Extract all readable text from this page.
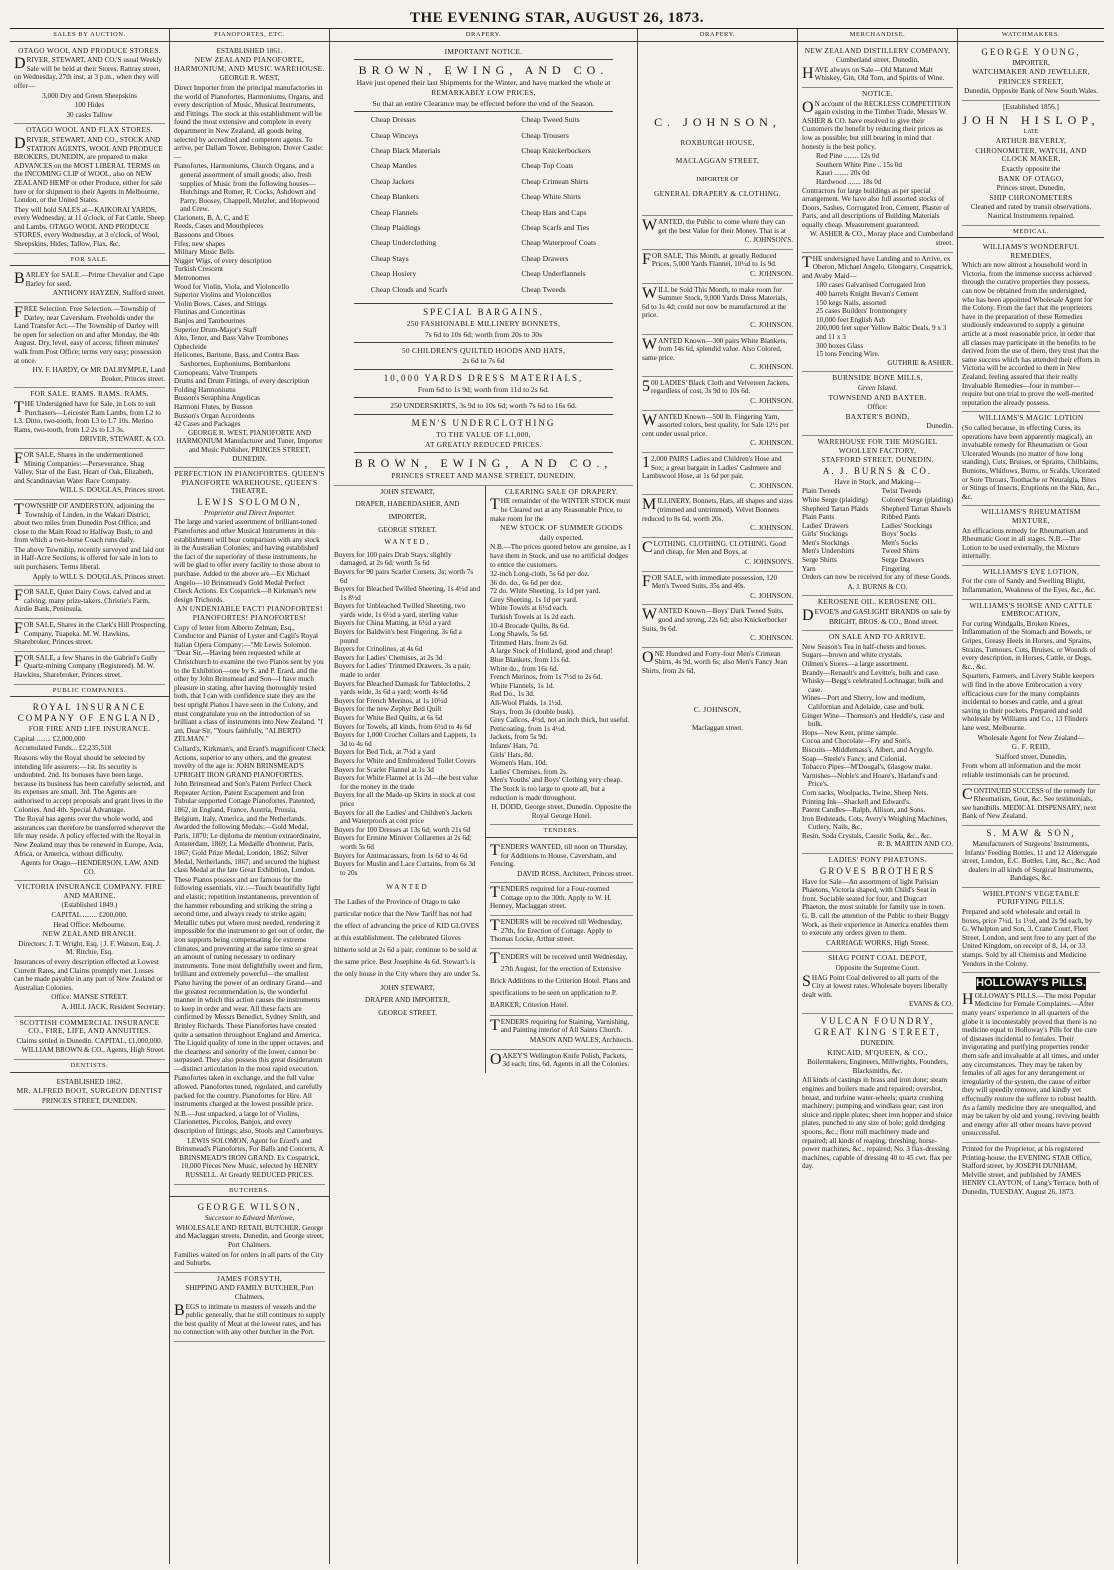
THE EVENING STAR, AUGUST 26, 1873.
SALES BY AUCTION.

OTAGO WOOL AND PRODUCE STORES.

DRIVER, STEWART, AND CO.'S usual Weekly Sale will be held at their Stores, Rattray street, on Wednesday, 27th inst, at 3 p.m., when they will offer—

3,000 Dry and Green Sheepskins

100 Hides

30 casks Tallow

OTAGO WOOL AND FLAX STORES.

DRIVER, STEWART, AND CO., STOCK AND STATION AGENTS, WOOL AND PRODUCE BROKERS, DUNEDIN, are prepared to make ADVANCES on the MOST LIBERAL TERMS on the INCOMING CLIP of WOOL, also on NEW ZEALAND HEMP or other Produce, either for sale here or for shipment to their Agents in Melbourne, London, or the United States.

They will hold SALES at—KAIKORAI YARDS, every Wednesday, at 11 o'clock, of Fat Cattle, Sheep and Lambs. OTAGO WOOL AND PRODUCE STORES, every Wednesday, at 3 o'clock, of Wool, Sheepskins, Hides, Tallow, Flax, &c.

FOR SALE.

BARLEY for SALE.—Prime Chevalier and Cape Barley for seed.

ANTHONY HAYZEN, Stafford street.

FREE Selection. Free Selection.—Township of Darley, near Caversham. Freeholds under the Land Transfer Act.—The Township of Darley will be open for selection on and after Monday, the 4th August. Dry, level, easy of access; fifteen minutes' walk from Post Office; terms very easy; possession at once.

HY. F. HARDY, Or MR DALRYMPLE, Land Broker, Princes street.

FOR SALE. RAMS. RAMS. RAMS.

THE Undersigned have for Sale, in Lots to suit Purchasers—Leicester Ram Lambs, from L2 to L3. Ditto, two-tooth, from L3 to L7 10s. Merino Rams, two-tooth, from L2 2s to L3 3s.

DRIVER, STEWART, & CO.

FOR SALE, Shares in the undermentioned Mining Companies:—Perseverance, Shag Valley, Star of the East, Heart of Oak, Elizabeth, and Scandinavian Water Race Company.

WILL S. DOUGLAS, Princes street.

TOWNSHIP OF ANDERSTON, adjoining the Township of Linden, in the Wakari District, about two miles from Dunedin Post Office, and close to the Main Road to Halfway Bush, to and from which a two-horse Coach runs daily.

The above Township, recently surveyed and laid out in Half-Acre Sections, is offered for sale in lots to suit purchasers. Terms liberal.

Apply to WILL S. DOUGLAS, Princes street.

FOR SALE, Quiet Dairy Cows, calved and at calving; many prize-takers. Christie's Farm, Airdie Bank, Peninsula.

FOR SALE, Shares in the Clark's Hill Prospecting Company, Tuapeka. M. W. Hawkins, Sharebroker, Princes street.

FOR SALE, a few Shares in the Gabriel's Gully Quartz-mining Company (Registered). M. W. Hawkins, Sharebroker, Princes street.

PUBLIC COMPANIES.

ROYAL INSURANCE COMPANY OF ENGLAND,

FOR FIRE AND LIFE INSURANCE.

Capital ........ £2,000,000

Accumulated Funds... £2,235,518

Reasons why the Royal should be selected by intending life assurers:—1st. Its security is undoubted. 2nd. Its bonuses have been large, because its business has been carefully selected, and its expenses are small. 3rd. The Agents are authorised to accept proposals and grant lives in the Colonies. And 4th. Special Advantage.

The Royal has agents over the whole world, and assurances can therefore be transferred wherever the life may reside. A policy effected with the Royal in New Zealand may thus be renewed in Europe, Asia, Africa, or America, without difficulty.

Agents for Otago—HENDERSON, LAW, AND CO.

VICTORIA INSURANCE COMPANY. FIRE AND MARINE.

(Established 1849.)

CAPITAL ........ £200,000.

Head Office: Melbourne.

NEW ZEALAND BRANCH.

Directors: J. T. Wright, Esq. | J. F. Watson, Esq. J. M. Ritchie, Esq.

Insurances of every description effected at Lowest Current Rates, and Claims promptly met. Losses can be made payable in any part of New Zealand or Australian Colonies.

Office: MANSE STREET.

A. HILL JACK, Resident Secretary.

SCOTTISH COMMERCIAL INSURANCE CO., FIRE, LIFE, AND ANNUITIES.

Claims settled in Dunedin. CAPITAL, £1,000,000.

WILLIAM BROWN & CO., Agents, High Street.

DENTISTS.

ESTABLISHED 1862.

MR. ALFRED BOOT, SURGEON DENTIST

PRINCES STREET, DUNEDIN.

PIANOFORTES, ETC.

ESTABLISHED 1861.

NEW ZEALAND PIANOFORTE, HARMONIUM, AND MUSIC WAREHOUSE.

GEORGE R. WEST,

Direct Importer from the principal manufactories in the world of Pianofortes, Harmoniums, Organs, and every description of Music, Musical Instruments, and Fittings. The stock at this establishment will be found the most extensive and complete in every department in New Zealand, all goods being selected by accredited and competent agents. To arrive, per Dallam Tower, Bebington, Dover Castle:—

Pianofortes, Harmoniums, Church Organs, and a general assortment of small goods; also, fresh supplies of Music from the following houses—Hutchings and Romer, R. Cocks, Ashdown and Parry, Boosey, Chappell, Metzler, and Hopwood and Crew.

Clarionets, B, A, C, and E

Reeds, Cases and Mouthpieces

Bassoons and Oboes

Fifes, new shapes

Military Music Bells

Nigger Wigs, of every description

Turkish Crescent

Metronomes

Wood for Violin, Viola, and Violoncello

Superior Violins and Violoncellos

Violin Bows, Cases, and Strings

Flutinas and Concertinas

Banjos and Tambourines

Superior Drum-Major's Staff

Alto, Tenor, and Bass Valve Trombones

Ophecleide

Helicones, Baritone, Bass, and Contra Bass Saxhornes, Euphoniums, Bombardons

Cornopeans, Valve Trumpets

Drums and Drum Fittings, of every description

Folding Harmoniums

Busson's Seraphina Angelicas

Harmoni Flutes, by Busson

Busson's Organ Accordeons

42 Cases and Packages

GEORGE R. WEST, PIANOFORTE AND HARMONIUM Manufacturer and Tuner, Importer and Music Publisher, PRINCES STREET, DUNEDIN.

PERFECTION IN PIANOFORTES. QUEEN'S PIANOFORTE WAREHOUSE, QUEEN'S THEATRE.

LEWIS SOLOMON,

Proprietor and Direct Importer.

The large and varied assortment of brilliant-toned Pianofortes and other Musical Instruments in this establishment will bear comparison with any stock in the Australian Colonies; and having established the fact of the superiority of these instruments, he will be glad to offer every facility to those about to purchase. Added to the above are—Ex Michael Angelo—10 Brinsmead's Gold Medal Perfect Check Actions. Ex Cospatrick—8 Kirkman's new design Trichords.

AN UNDENIABLE FACT! PIANOFORTES! PIANOFORTES! PIANOFORTES!

Copy of letter from Alberto Zelman, Esq., Conductor and Pianist of Lyster and Cagli's Royal Italian Opera Company:—"Mr Lewis Solomon. "Dear Sir,—Having been requested while at Christchurch to examine the two Pianos sent by you to the Exhibition—one by S. and P. Erard, and the other by John Brinsmead and Son—I have much pleasure in stating, after having thoroughly tested both, that I can with confidence state they are the best upright Pianos I have seen in the Colony, and must congratulate you on the introduction of so brilliant a class of instruments into New Zealand. "I am, Dear Sir, "Yours faithfully, "ALBERTO ZELMAN."

Collard's, Kirkman's, and Erard's magnificent Check Actions, superior to any others, and the greatest novelty of the age is: JOHN BRINSMEAD'S UPRIGHT IRON GRAND PIANOFORTES.

John Brinsmead and Son's Patent Perfect Check Repeater Action, Patent Escapement and Iron Tubular supported Cottage Pianofortes. Patented, 1862, in England, France, Austria, Prussia, Belgium, Italy, America, and the Netherlands. Awarded the following Medals:—Gold Medal, Paris, 1870; Le diploma de mention extraordinaire, Amsterdam, 1869; La Medaille d'honneur, Paris, 1867; Gold Prize Medal, London, 1862; Silver Medal, Netherlands, 1867; and secured the highest class Medal at the late Great Exhibition, London.

These Pianos possess and are famous for the following essentials, viz.:—Touch beautifully light and elastic; repetition instantaneous, prevention of the hammer rebounding and striking the string a second time, and always ready to strike again; Metallic tubes put where most needed, rendering it impossible for the instrument to get out of order, the iron supports being compensating for extreme climates, and preventing at the same time so great an amount of tuning necessary to ordinary instruments. Tone most delightfully sweet and firm, brilliant and extremely powerful—the smallest Piano having the power of an ordinary Grand—and the greatest recommendation is, the wonderful manner in which this action causes the instruments to keep in order and wear. All these facts are confirmed by Messrs Benedict, Sydney Smith, and Brinley Richards. These Pianofortes have created quite a sensation throughout England and America. The Liquid quality of tone in the upper octaves, and the clearness and sonority of the lower, cannot be surpassed. They also possess this great desideratum—distinct articulation in the most rapid execution.

Pianofortes taken in exchange, and the full value allowed. Pianofortes tuned, regulated, and carefully packed for the country. Pianofortes for Hire. All instruments charged at the lowest possible price.

N.B.—Just unpacked, a large lot of Violins, Clarionettes, Piccolos, Banjos, and every description of fittings; also, Stools and Canterburys.

LEWIS SOLOMON, Agent for Erard's and Brinsmead's Pianofortes, For Balls and Concerts, A BRINSMEAD'S IRON GRAND. Ex Cospatrick, 10,000 Pieces New Music, selected by HENRY RUSSELL. At Greatly REDUCED PRICES.

BUTCHERS.

GEORGE WILSON,

Successor to Edward Merlowe,

WHOLESALE AND RETAIL BUTCHER, George and Maclaggan streets, Dunedin, and George street, Port Chalmers.

Families waited on for orders in all parts of the City and Suburbs.

JAMES FORSYTH,

SHIPPING AND FAMILY BUTCHER, Port Chalmers,

BEGS to intimate to masters of vessels and the public generally, that he still continues to supply the best quality of Meat at the lowest rates, and has no connection with any other butcher in the Port.

DRAPERY.

IMPORTANT NOTICE.

BROWN, EWING, AND CO.

Have just opened their last Shipments for the Winter, and have marked the whole at

REMARKABLY LOW PRICES,

So that an entire Clearance may be effected before the end of the Season.

Cheap Dresses

Cheap Winceys

Cheap Black Materials

Cheap Mantles

Cheap Jackets

Cheap Blankets

Cheap Flannels

Cheap Plaidings

Cheap Underclothing

Cheap Stays

Cheap Hosiery

Cheap Clouds and Scarfs

Cheap Tweed Suits

Cheap Trousers

Cheap Knickerbockers

Cheap Top Coats

Cheap Crimean Shirts

Cheap White Shirts

Cheap Hats and Caps

Cheap Scarfs and Ties

Cheap Waterproof Coats

Cheap Drawers

Cheap Underflannels

Cheap Tweeds

SPECIAL BARGAINS.

250 FASHIONABLE MILLINERY BONNETS,

7s 6d to 10s 6d; worth from 20s to 30s

50 CHILDREN'S QUILTED HOODS AND HATS,

2s 6d to 7s 6d

10,000 YARDS DRESS MATERIALS,

From 6d to 1s 9d; worth from 11d to 2s 6d.

250 UNDERSKIRTS, 3s 9d to 10s 6d; worth 7s 6d to 16s 6d.

MEN'S UNDERCLOTHING

TO THE VALUE OF L1,000,

AT GREATLY REDUCED PRICES.

BROWN, EWING, AND CO.,

PRINCES STREET AND MANSE STREET, DUNEDIN.

JOHN STEWART,

DRAPER, HABERDASHER, AND

IMPORTER,

GEORGE STREET.

WANTED,

Buyers for 100 pairs Drab Stays, slightly damaged, at 2s 6d; worth 5s 6d

Buyers for 90 pairs Scarlet Corsets, 3s; worth 7s 6d

Buyers for Bleached Twilled Sheeting, 1s 4½d and 1s 8½d

Buyers for Unbleached Twilled Sheeting, two yards wide, 1s 6½d a yard, sterling value

Buyers for China Matting, at 6½d a yard

Buyers for Baldwin's best Fingering, 3s 6d a pound

Buyers for Crinolines, at 4s 6d

Buyers for Ladies' Chemises, at 2s 3d

Buyers for Ladies' Trimmed Drawers, 3s a pair, made to order

Buyers for Bleached Damask for Tablecloths, 2 yards wide, 3s 6d a yard; worth 4s 6d

Buyers for French Merinos, at 1s 10½d

Buyers for the new Zephyr Bed Quilt

Buyers for White Bed Quilts, at 6s 6d

Buyers for Towels, all kinds, from 6½d to 4s 6d

Buyers for 1,000 Crochet Collars and Lappets, 1s 3d to 4s 6d

Buyers for Bed Tick, at 7½d a yard

Buyers for White and Embroidered Toilet Covers

Buyers for Scarlet Flannel at 1s 3d

Buyers for White Flannel at 1s 2d—the best value for the money in the trade

Buyers for all the Made-up Skirts in stock at cost price

Buyers for all the Ladies' and Children's Jackets and Waterproofs at cost price

Buyers for 100 Dresses at 13s 6d; worth 21s 6d

Buyers for Ermine Miniver Collarettes at 2s 6d; worth 5s 6d

Buyers for Antimacassars, from 1s 6d to 4s 6d

Buyers for Muslin and Lace Curtains, from 6s 3d to 20s

WANTED

The Ladies of the Province of Otago to take particular notice that the New Tariff has not had the effect of advancing the price of KID GLOVES at this establishment. The celebrated Gloves hitherto sold at 2s 6d a pair, continue to be sold at the same price. Best Josephine 4s 6d. Stewart's is the only house in the City where they are under 5s.

JOHN STEWART,

DRAPER AND IMPORTER,

GEORGE STREET.

CLEARING SALE OF DRAPERY.

THE remainder of the WINTER STOCK must be Cleared out at any Reasonable Price, to make room for the

NEW STOCK OF SUMMER GOODS

daily expected.

N.B.—The prices quoted below are genuine, as I have them in Stock, and use no artificial dodges to entice the customers.

32-inch Long-cloth, 5s 6d per doz.

36 do. do., 6s 6d per doz.

72 do. White Sheeting, 1s 1d per yard.

Grey Sheeting, 1s 1d per yard.

White Towels at 6½d each.

Turkish Towels at 1s 2d each.

10-4 Brocade Quilts, 8s 6d.

Long Shawls, 5s 6d.

Trimmed Hats, from 2s 6d.

A large Stock of Holland, good and cheap!

Blue Blankets, from 11s 6d.

White do., from 16s 6d.

French Merinos, from 1s 7½d to 2s 6d.

White Flannels, 1s 1d.

Red Do., 1s 3d.

All-Wool Plaids, 1s 1½d.

Stays, from 3s (double busk).

Grey Calicos, 4½d, not an inch thick, but useful.

Petticoating, from 1s 4½d.

Jackets, from 5s 9d.

Infants' Hats, 7d.

Girls' Hats, 8d.

Women's Hats, 10d.

Ladies' Chemises, from 2s.

Men's Youths' and Boys' Clothing very cheap. The Stock is too large to quote all, but a reduction is made throughout.

H. DODD, George street, Dunedin. Opposite the Royal George Hotel.

TENDERS.

TENDERS WANTED, till noon on Thursday, for Additions to House, Caversham, and Fencing.

DAVID ROSS, Architect, Princes street.

TENDERS required for a Four-roomed Cottage up to the 30th. Apply to W. H. Henney, Maclaggan street.

TENDERS will be received till Wednesday, 27th, for Erection of Cottage. Apply to Thomas Locke, Arthur street.

TENDERS will be received until Wednesday, 27th August, for the erection of Extensive Brick Additions to the Criterion Hotel. Plans and specifications to be seen on application to P. BARKER, Criterion Hotel.

TENDERS requiring for Staining, Varnishing, and Painting interior of All Saints Church.

MASON AND WALES, Architects.

OAKEY'S Wellington Knife Polish, Packets, 3d each; tins, 6d. Agents in all the Colonies.

DRAPERY.

C. JOHNSON,

ROXBURGH HOUSE,

MACLAGGAN STREET,

IMPORTER OF

GENERAL DRAPERY & CLOTHING.

WANTED, the Public to come where they can get the best Value for their Money. That is at

C. JOHNSON'S.

FOR SALE, This Month, at greatly Reduced Prices, 5,000 Yards Flannel, 10½d to 1s 9d.

C. JOHNSON.

WILL be Sold This Month, to make room for Summer Stock, 9,000 Yards Dress Materials, 6d to 1s 4d; could not now be manufactured at the price.

C. JOHNSON.

WANTED Known—300 pairs White Blankets, from 14s 6d, splendid value. Also Colored, same price.

C. JOHNSON.

500 LADIES' Black Cloth and Velveteen Jackets, regardless of cost, 3s 9d to 10s 6d.

C. JOHNSON.

WANTED Known—500 lb. Fingering Yarn, assorted colors, best quality, for Sale 12½ per cent under usual price.

C. JOHNSON.

12,000 PAIRS Ladies and Children's Hose and Sox; a great bargain in Ladies' Cashmere and Lambswool Hose, at 1s 6d per pair.

C. JOHNSON.

MILLINERY, Bonnets, Hats, all shapes and sizes (trimmed and untrimmed). Velvet Bonnets reduced to 8s 6d, worth 20s.

C. JOHNSON.

CLOTHING. CLOTHING. CLOTHING. Good and cheap, for Men and Boys, at

C. JOHNSON'S.

FOR SALE, with immediate possession, 120 Men's Tweed Suits, 35s and 40s.

C. JOHNSON.

WANTED Known—Boys' Dark Tweed Suits, good and strong, 22s 6d; also Knickerbocker Suits, 9s 6d.

C. JOHNSON.

ONE Hundred and Forty-four Men's Crimean Shirts, 4s 9d, worth 6s; also Men's Fancy Jean Shirts, from 2s 6d.

C. JOHNSON,

Maclaggan street.

MERCHANDISE.

NEW ZEALAND DISTILLERY COMPANY,

Cumberland street, Dunedin,

HAVE always on Sale—Old Matured Malt Whiskey, Gin, Old Tom, and Spirits of Wine.

NOTICE.

ON account of the RECKLESS COMPETITION again existing in the Timber Trade, Messrs W. ASHER & CO. have resolved to give their Customers the benefit by reducing their prices as low as possible; but still bearing in mind that honesty is the best policy.

Red Pine ........ 12s 0d

Southern White Pine .. 15s 0d

Kauri ........ 20s 0d

Hardwood ....... 18s 0d

Contractors for large buildings as per special arrangement. We have also full assorted stocks of Doors, Sashes, Corrugated Iron, Cement, Plaster of Paris, and all descriptions of Building Materials equally cheap. Measurement guaranteed.

W. ASHER & CO., Moray place and Cumberland street.

THE undersigned have Landing and to Arrive, ex Oberon, Michael Angelo, Glengarry, Cospatrick, and Avaby Maid—

180 cases Galvanised Corrugated Iron

400 barrels Knight Bevan's Cement

150 kegs Nails, assorted

25 cases Builders' Ironmongery

10,000 feet English Ash

200,000 feet super Yellow Baltic Deals, 9 x 3 and 11 x 3

300 boxes Glass

15 tons Fencing Wire.

GUTHRIE & ASHER.

BURNSIDE BONE MILLS,

Green Island.

TOWNSEND AND BAXTER.

Office:

BAXTER'S BOND,

Dunedin.

WAREHOUSE FOR THE MOSGIEL WOOLLEN FACTORY,

STAFFORD STREET, DUNEDIN.

A. J. BURNS & CO.

Have in Stock, and Making—

Plain Tweeds

White Serge (plaiding)

Shepherd Tartan Plaids

Plain Pants

Ladies' Drawers

Girls' Stockings

Men's Stockings

Men's Undershirts

Serge Shirts

Yarn

Twist Tweeds

Colored Serge (plaiding)

Shepherd Tartan Shawls

Ribbed Pants

Ladies' Stockings

Boys' Socks

Men's Socks

Tweed Shirts

Serge Drawers

Fingering

Orders can now be received for any of these Goods.

A. J. BURNS & CO.

KEROSENE OIL. KEROSENE OIL.

DEVOE'S and GASLIGHT BRANDS on sale by

BRIGHT, BROS. & CO., Bond street.

ON SALE AND TO ARRIVE.

New Season's Tea in half-chests and boxes.

Sugars—brown and white crystals.

Oilmen's Stores—a large assortment.

Brandy—Renault's and Levitte's, bulk and case.

Whisky—Begg's celebrated Lochnagar, bulk and case.

Wines—Port and Sherry, low and medium, Californian and Adelaide, case and bulk.

Ginger Wine—Thomson's and Heddle's, case and bulk.

Hops—New Kent, prime sample.

Cocoa and Chocolate—Fry and Son's.

Biscuits—Middlemass's, Albert, and Arygyle.

Soap—Steele's Fancy, and Colonial.

Tobacco Pipes—M'Dougal's, Glasgow make.

Varnishes—Noble's and Hoare's, Harland's and Price's.

Corn sacks, Woolpacks, Twine, Sheep Nets.

Printing Ink—Shackell and Edward's.

Patent Candles—Ralph, Allison, and Sons.

Iron Bedsteads, Cots, Avery's Weighing Machines, Cutlery, Nails, &c.

Resin, Soda Crystals, Caustic Soda, &c., &c.

R. B. MARTIN AND CO.

LADIES' PONY PHAETONS.

GROVES BROTHERS

Have for Sale—An assortment of light Parisian Phaetons, Victoria shaped, with Child's Seat in front. Sociable seated for four, and Dogcart Phaeton, the most suitable for family use in town. G. B. call the attention of the Public to their Buggy Work, as their experience in America enables them to execute any orders given to them.

CARRIAGE WORKS, High Street.

SHAG POINT COAL DEPOT,

Opposite the Supreme Court.

SHAG Point Coal delivered to all parts of the City at lowest rates. Wholesale buyers liberally dealt with.

EVANS & CO.

VULCAN FOUNDRY, GREAT KING STREET,

DUNEDIN.

KINCAID, M'QUEEN, & CO.,

Boilermakers, Engineers, Millwrights, Founders, Blacksmiths, &c.

All kinds of castings in brass and iron done; steam engines and boilers made and repaired; overshot, breast, and turbine water-wheels; quartz crushing machinery; pumping and windlass gear; cast iron sluice and ripple plates; sheet iron hopper and sluice plates, punched to any size of hole; gold dredging spoons, &c.; flour mill machinery made and repaired; all kinds of reaping, threshing, horse-power machines, &c., repaired; No. 3 flax-dressing machines, capable of dressing 40 to 45 cwt. flax per day.

WATCHMAKERS.

GEORGE YOUNG,

IMPORTER,

WATCHMAKER AND JEWELLER,

PRINCES STREET,

Dunedin, Opposite Bank of New South Wales.

[Established 1856.]

JOHN HISLOP,

LATE

ARTHUR BEVERLY,

CHRONOMETER, WATCH, AND CLOCK MAKER,

Exactly opposite the

BANK OF OTAGO,

Princes street, Dunedin,

SHIP CHRONOMETERS

Cleaned and rated by transit observations. Nautical Instruments repaired.

MEDICAL.

WILLIAMS'S WONDERFUL REMEDIES,

Which are now almost a household word in Victoria, from the immense success achieved through the curative properties they possess, can now be obtained from the undersigned, who has been appointed Wholesale Agent for the Colony. From the fact that the proprietors have in the preparation of these Remedies studiously endeavored to supply a genuine article at a most reasonable price, in order that all classes may participate in the benefits to be derived from the use of them, they trust that the same success which has attended their efforts in Victoria will be accorded to them in New Zealand, feeling assured that their really Invaluable Remedies—four in number—require but one trial to prove the well-merited reputation the already possess.

WILLIAMS'S MAGIC LOTION

(So called because, in effecting Cures, its operations have been apparently magical), an invaluable remedy for Rheumatism or Gout Ulcerated Wounds (no matter of how long standing), Cuts, Bruises, or Sprains, Chilblains, Bunions, Whitlows, Burns, or Scalds, Ulcerated or Sore Throats, Toothache or Neuralgia, Bites or Stings of Insects, Eruptions on the Skin, &c., &c.

WILLIAMS'S RHEUMATISM MIXTURE,

An efficacious remedy for Rheumatism and Rheumatic Gout in all stages. N.B.—The Lotion to be used externally, the Mixture internally.

WILLIAMS'S EYE LOTION,

For the cure of Sandy and Swelling Blight, Inflammation, Weakness of the Eyes, &c., &c.

WILLIAMS'S HORSE AND CATTLE EMBROCATION,

For curing Windgalls, Broken Knees, Inflammation of the Stomach and Bowels, or Gripes, Greasy Heels in Horses, and Sprains, Strains, Tumours, Cuts, Bruises, or Wounds of every description, in Horses, Cattle, or Dogs, &c., &c.

Squatters, Farmers, and Livery Stable keepers will find in the above Embrocation a very efficacious cure for the many complaints incidental to horses and cattle, and a great saving to their pockets. Prepared and sold wholesale by Williams and Co., 13 Flinders lane west, Melbourne.

Wholesale Agent for New Zealand—

G. F. REID,

Stafford street, Dunedin,

From whom all information and the most reliable testimonials can be procured.

CONTINUED SUCCESS of the remedy for Rheumatism, Gout, &c. See testimonials, see handbills. MEDICAL DISPENSARY, next Bank of New Zealand.

S. MAW & SON,

Manufacturers of Surgeons' Instruments, Infants' Feeding Bottles, 11 and 12 Aldersgate street, London, E.C. Bottles, Lint, &c., &c. And dealers in all kinds of Surgical Instruments, Bandages, &c.

WHELPTON'S VEGETABLE PURIFYING PILLS.

Prepared and sold wholesale and retail in boxes, price 7½d, 1s 1½d, and 2s 9d each, by G. Whelpton and Son, 3, Crane Court, Fleet Street, London, and sent free to any part of the United Kingdom, on receipt of 8, 14, or 33 stamps. Sold by all Chemists and Medicine Vendors in the Colony.

HOLLOWAY'S PILLS.

HOLLOWAY'S PILLS.—The most Popular Medicine for Female Complaints.—After many years' experience in all quarters of the globe it is incontestably proved that there is no medicine equal to Holloway's Pills for the cure of diseases incidental to females. Their invigorating and purifying properties render them safe and invaluable at all times, and under any circumstances. They may be taken by females of all ages for any derangement or irregularity of the system, the cause of either they will speedily remove, and kindly yet effectually restore the sufferer to robust health. As a family medicine they are unequalled, and may be taken by old and young, reviving health and energy after all other means have proved unsuccessful.

Printed for the Proprietor, at his registered Printing-house, the EVENING STAR Office, Stafford street, by JOSEPH DUNHAM, Melville street, and published by JAMES HENRY CLAYTON, of Lang's Terrace, both of Dunedin, TUESDAY, August 26, 1873.
